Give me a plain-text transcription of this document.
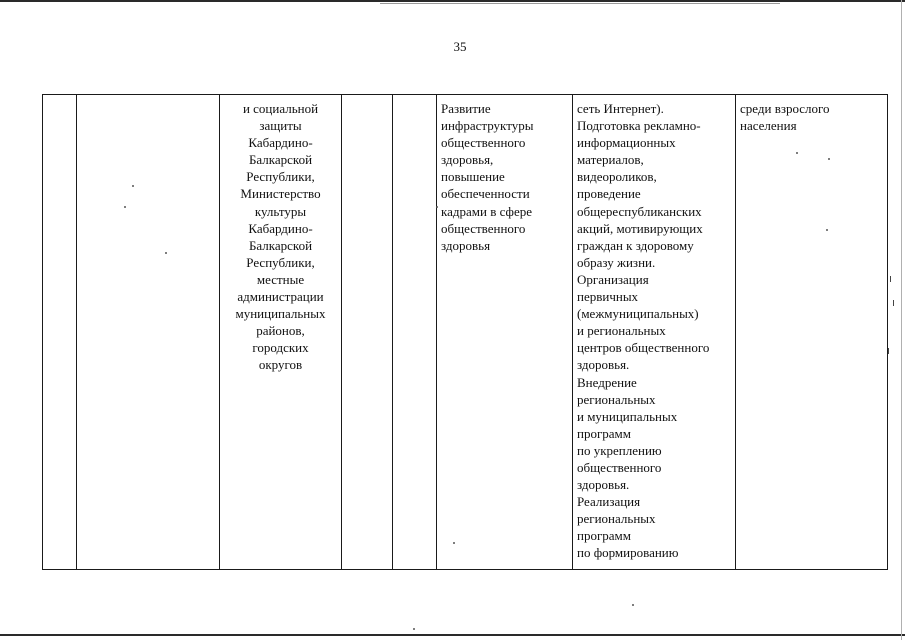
35
и социальной
защиты
Кабардино-
Балкарской
Республики,
Министерство
культуры
Кабардино-
Балкарской
Республики,
местные
администрации
муниципальных
районов,
городских
округов
Развитие
инфраструктуры
общественного
здоровья,
повышение
обеспеченности
кадрами в сфере
общественного
здоровья
сеть Интернет).
Подготовка рекламно-
информационных
материалов,
видеороликов,
проведение
общереспубликанских
акций, мотивирующих
граждан к здоровому
образу жизни.
Организация
первичных
(межмуниципальных)
и региональных
центров общественного
здоровья.
Внедрение
региональных
и муниципальных
программ
по укреплению
общественного
здоровья.
Реализация
региональных
программ
по формированию
среди взрослого
населения
